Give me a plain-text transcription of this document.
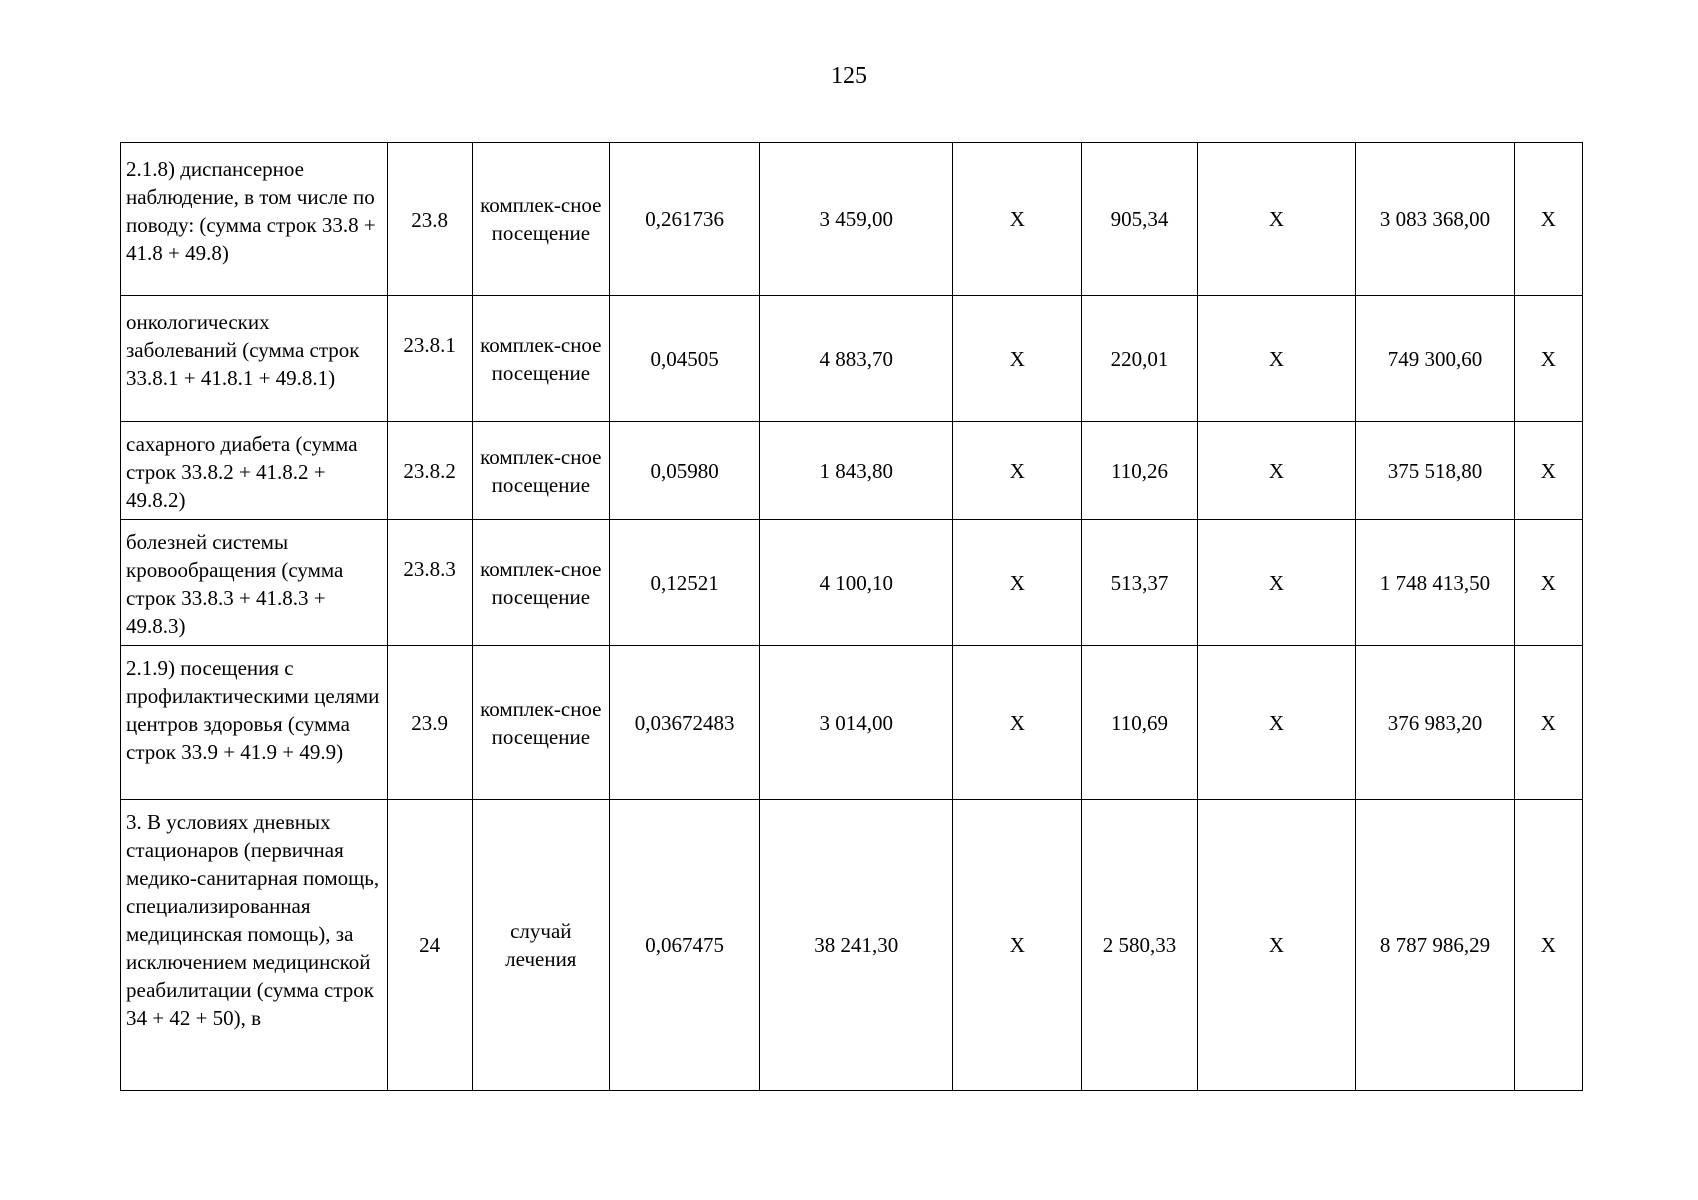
125
2.1.8) диспансерное наблюдение, в том числе по поводу: (сумма строк 33.8 + 41.8 + 49.8)	23.8	комплек-сное посещение	0,261736	3 459,00	X	905,34	X	3 083 368,00	X
онкологических заболеваний (сумма строк 33.8.1 + 41.8.1 + 49.8.1)	23.8.1	комплек-сное посещение	0,04505	4 883,70	X	220,01	X	749 300,60	X
сахарного диабета (сумма строк 33.8.2 + 41.8.2 + 49.8.2)	23.8.2	комплек-сное посещение	0,05980	1 843,80	X	110,26	X	375 518,80	X
болезней системы кровообращения (сумма строк 33.8.3 + 41.8.3 + 49.8.3)	23.8.3	комплек-сное посещение	0,12521	4 100,10	X	513,37	X	1 748 413,50	X
2.1.9) посещения с профилактическими целями центров здоровья (сумма строк 33.9 + 41.9 + 49.9)	23.9	комплек-сное посещение	0,03672483	3 014,00	X	110,69	X	376 983,20	X
3. В условиях дневных стационаров (первичная медико-санитарная помощь, специализированная медицинская помощь), за исключением медицинской реабилитации (сумма строк 34 + 42 + 50), в	24	случай лечения	0,067475	38 241,30	X	2 580,33	X	8 787 986,29	X
